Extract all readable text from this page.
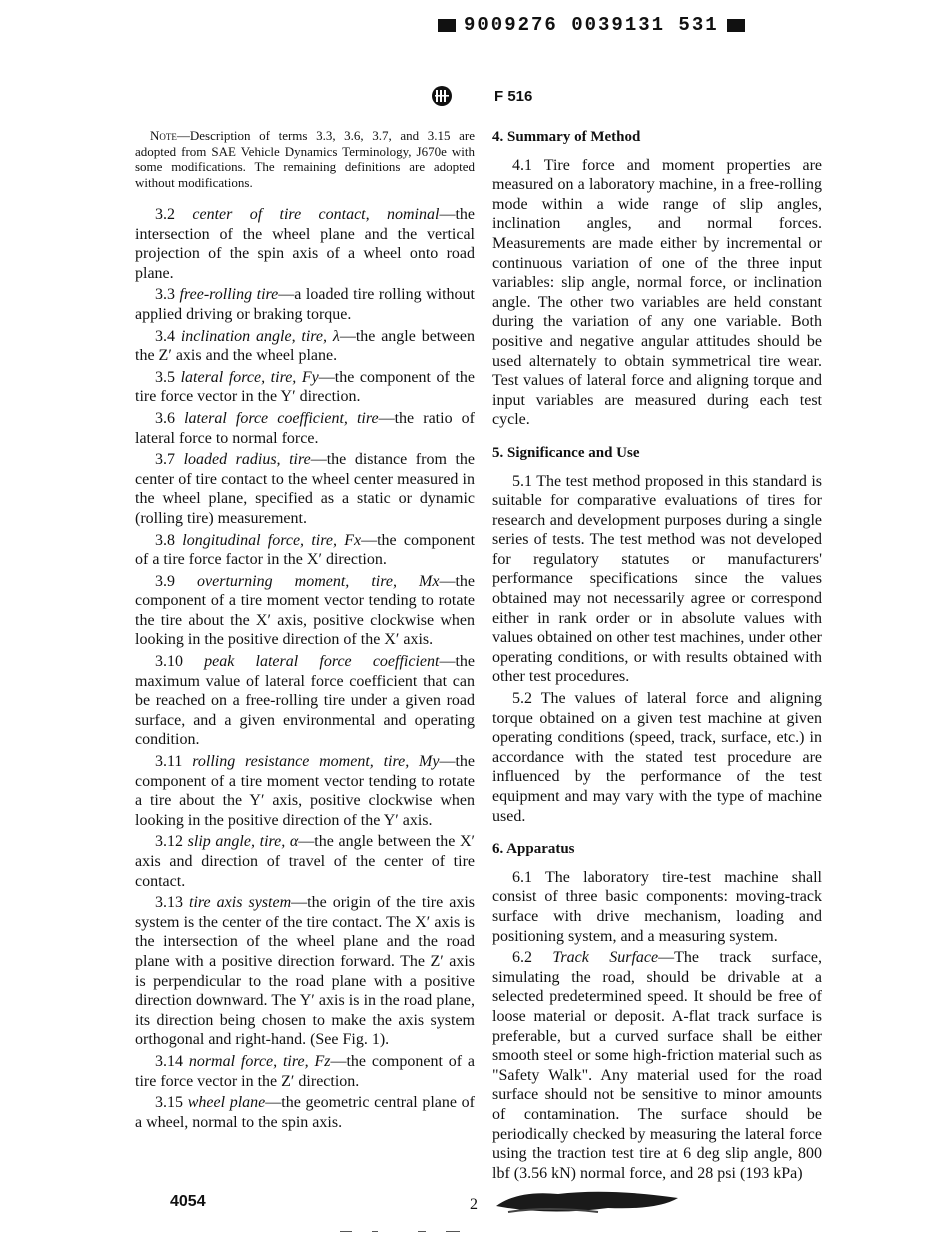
9009276 0039131 531
F 516
Note—Description of terms 3.3, 3.6, 3.7, and 3.15 are adopted from SAE Vehicle Dynamics Terminology, J670e with some modifications. The remaining definitions are adopted without modifications.

3.2 center of tire contact, nominal—the intersection of the wheel plane and the vertical projection of the spin axis of a wheel onto road plane.

3.3 free-rolling tire—a loaded tire rolling without applied driving or braking torque.

3.4 inclination angle, tire, λ—the angle between the Z′ axis and the wheel plane.

3.5 lateral force, tire, Fy—the component of the tire force vector in the Y′ direction.

3.6 lateral force coefficient, tire—the ratio of lateral force to normal force.

3.7 loaded radius, tire—the distance from the center of tire contact to the wheel center measured in the wheel plane, specified as a static or dynamic (rolling tire) measurement.

3.8 longitudinal force, tire, Fx—the component of a tire force factor in the X′ direction.

3.9 overturning moment, tire, Mx—the component of a tire moment vector tending to rotate the tire about the X′ axis, positive clockwise when looking in the positive direction of the X′ axis.

3.10 peak lateral force coefficient—the maximum value of lateral force coefficient that can be reached on a free-rolling tire under a given road surface, and a given environmental and operating condition.

3.11 rolling resistance moment, tire, My—the component of a tire moment vector tending to rotate a tire about the Y′ axis, positive clockwise when looking in the positive direction of the Y′ axis.

3.12 slip angle, tire, α—the angle between the X′ axis and direction of travel of the center of tire contact.

3.13 tire axis system—the origin of the tire axis system is the center of the tire contact. The X′ axis is the intersection of the wheel plane and the road plane with a positive direction forward. The Z′ axis is perpendicular to the road plane with a positive direction downward. The Y′ axis is in the road plane, its direction being chosen to make the axis system orthogonal and right-hand. (See Fig. 1).

3.14 normal force, tire, Fz—the component of a tire force vector in the Z′ direction.

3.15 wheel plane—the geometric central plane of a wheel, normal to the spin axis.

4. Summary of Method

4.1 Tire force and moment properties are measured on a laboratory machine, in a free-rolling mode within a wide range of slip angles, inclination angles, and normal forces. Measurements are made either by incremental or continuous variation of one of the three input variables: slip angle, normal force, or inclination angle. The other two variables are held constant during the variation of any one variable. Both positive and negative angular attitudes should be used alternately to obtain symmetrical tire wear. Test values of lateral force and aligning torque and input variables are measured during each test cycle.

5. Significance and Use

5.1 The test method proposed in this standard is suitable for comparative evaluations of tires for research and development purposes during a single series of tests. The test method was not developed for regulatory statutes or manufacturers' performance specifications since the values obtained may not necessarily agree or correspond either in rank order or in absolute values with values obtained on other test machines, under other operating conditions, or with results obtained with other test procedures.

5.2 The values of lateral force and aligning torque obtained on a given test machine at given operating conditions (speed, track, surface, etc.) in accordance with the stated test procedure are influenced by the performance of the test equipment and may vary with the type of machine used.

6. Apparatus

6.1 The laboratory tire-test machine shall consist of three basic components: moving-track surface with drive mechanism, loading and positioning system, and a measuring system.

6.2 Track Surface—The track surface, simulating the road, should be drivable at a selected predetermined speed. It should be free of loose material or deposit. A-flat track surface is preferable, but a curved surface shall be either smooth steel or some high-friction material such as "Safety Walk". Any material used for the road surface should not be sensitive to minor amounts of contamination. The surface should be periodically checked by measuring the lateral force using the traction test tire at 6 deg slip angle, 800 lbf (3.56 kN) normal force, and 28 psi (193 kPa)

4054	2
